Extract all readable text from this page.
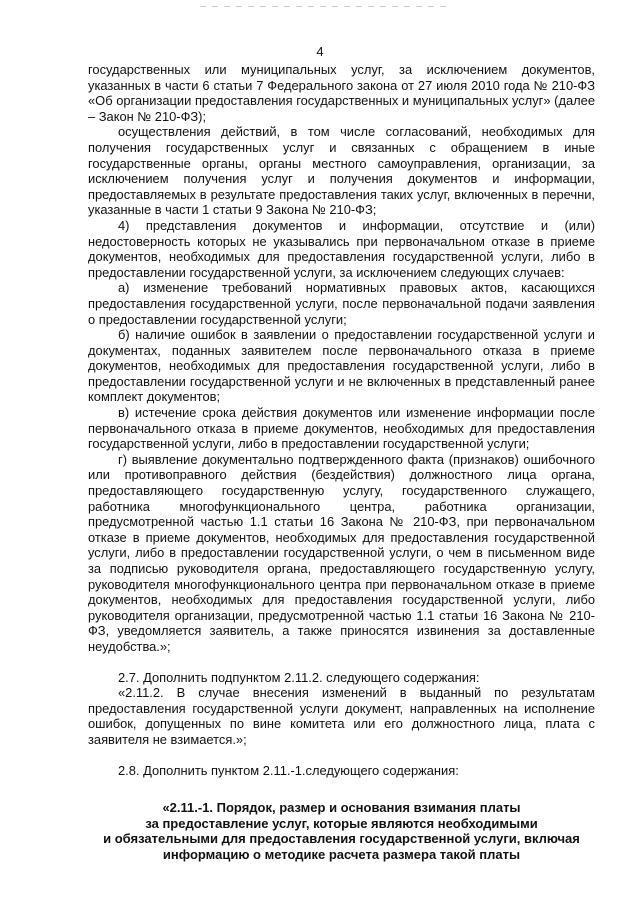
4

государственных или муниципальных услуг, за исключением документов, указанных в части 6 статьи 7 Федерального закона от 27 июля 2010 года № 210-ФЗ «Об организации предоставления государственных и муниципальных услуг» (далее – Закон № 210-ФЗ);

осуществления действий, в том числе согласований, необходимых для получения государственных услуг и связанных с обращением в иные государственные органы, органы местного самоуправления, организации, за исключением получения услуг и получения документов и информации, предоставляемых в результате предоставления таких услуг, включенных в перечни, указанные в части 1 статьи 9 Закона № 210-ФЗ;

4) представления документов и информации, отсутствие и (или) недостоверность которых не указывались при первоначальном отказе в приеме документов, необходимых для предоставления государственной услуги, либо в предоставлении государственной услуги, за исключением следующих случаев:

а) изменение требований нормативных правовых актов, касающихся предоставления государственной услуги, после первоначальной подачи заявления о предоставлении государственной услуги;

б) наличие ошибок в заявлении о предоставлении государственной услуги и документах, поданных заявителем после первоначального отказа в приеме документов, необходимых для предоставления государственной услуги, либо в предоставлении государственной услуги и не включенных в представленный ранее комплект документов;

в) истечение срока действия документов или изменение информации после первоначального отказа в приеме документов, необходимых для предоставления государственной услуги, либо в предоставлении государственной услуги;

г) выявление документально подтвержденного факта (признаков) ошибочного или противоправного действия (бездействия) должностного лица органа, предоставляющего государственную услугу, государственного служащего, работника многофункционального центра, работника организации, предусмотренной частью 1.1 статьи 16 Закона № 210-ФЗ, при первоначальном отказе в приеме документов, необходимых для предоставления государственной услуги, либо в предоставлении государственной услуги, о чем в письменном виде за подписью руководителя органа, предоставляющего государственную услугу, руководителя многофункционального центра при первоначальном отказе в приеме документов, необходимых для предоставления государственной услуги, либо руководителя организации, предусмотренной частью 1.1 статьи 16 Закона № 210-ФЗ, уведомляется заявитель, а также приносятся извинения за доставленные неудобства.»;

2.7. Дополнить подпунктом 2.11.2. следующего содержания:

«2.11.2. В случае внесения изменений в выданный по результатам предоставления государственной услуги документ, направленных на исполнение ошибок, допущенных по вине комитета или его должностного лица, плата с заявителя не взимается.»;

2.8. Дополнить пунктом 2.11.-1.следующего содержания:

«2.11.-1. Порядок, размер и основания взимания платы
за предоставление услуг, которые являются необходимыми
и обязательными для предоставления государственной услуги, включая
информацию о методике расчета размера такой платы
